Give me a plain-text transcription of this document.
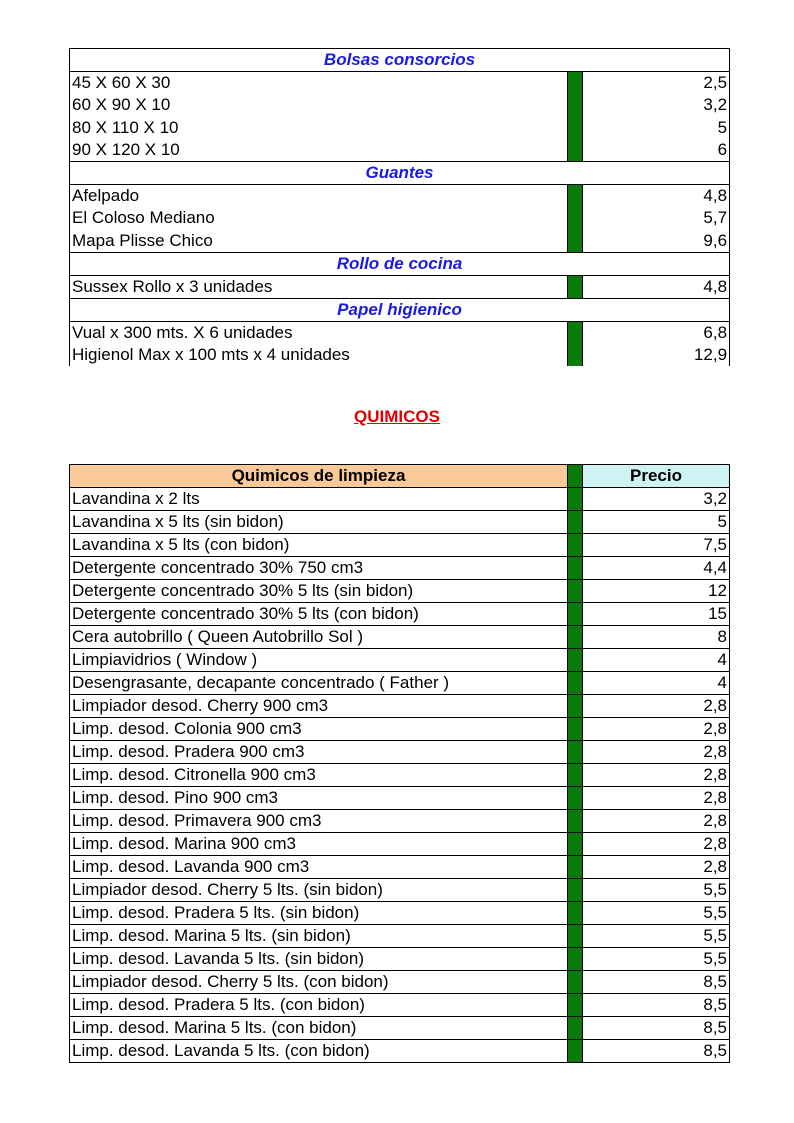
Bolsas consorcios		
45 X 60 X 30		2,5
60 X 90 X 10		3,2
80 X 110 X 10		5
90 X 120 X 10		6
Guantes		
Afelpado		4,8
El Coloso Mediano		5,7
Mapa Plisse Chico		9,6
Rollo de cocina		
Sussex Rollo x 3 unidades		4,8
Papel higienico		
Vual x 300 mts. X 6 unidades		6,8
Higienol Max x 100 mts x 4 unidades		12,9
QUIMICOS
Quimicos de limpieza		Precio
Lavandina x 2 lts		3,2
Lavandina x 5 lts (sin bidon)		5
Lavandina x 5 lts (con bidon)		7,5
Detergente concentrado 30% 750 cm3		4,4
Detergente concentrado 30% 5 lts (sin bidon)		12
Detergente concentrado 30% 5 lts (con bidon)		15
Cera autobrillo ( Queen Autobrillo Sol )		8
Limpiavidrios ( Window )		4
Desengrasante, decapante concentrado ( Father )		4
Limpiador desod. Cherry 900 cm3		2,8
Limp. desod. Colonia 900 cm3		2,8
Limp. desod. Pradera 900 cm3		2,8
Limp. desod. Citronella 900 cm3		2,8
Limp. desod. Pino 900 cm3		2,8
Limp. desod. Primavera 900 cm3		2,8
Limp. desod. Marina 900 cm3		2,8
Limp. desod. Lavanda 900 cm3		2,8
Limpiador desod. Cherry 5 lts. (sin bidon)		5,5
Limp. desod. Pradera 5 lts. (sin bidon)		5,5
Limp. desod. Marina 5 lts. (sin bidon)		5,5
Limp. desod. Lavanda 5 lts. (sin bidon)		5,5
Limpiador desod. Cherry 5 lts. (con bidon)		8,5
Limp. desod. Pradera 5 lts. (con bidon)		8,5
Limp. desod. Marina 5 lts. (con bidon)		8,5
Limp. desod. Lavanda 5 lts. (con bidon)		8,5
